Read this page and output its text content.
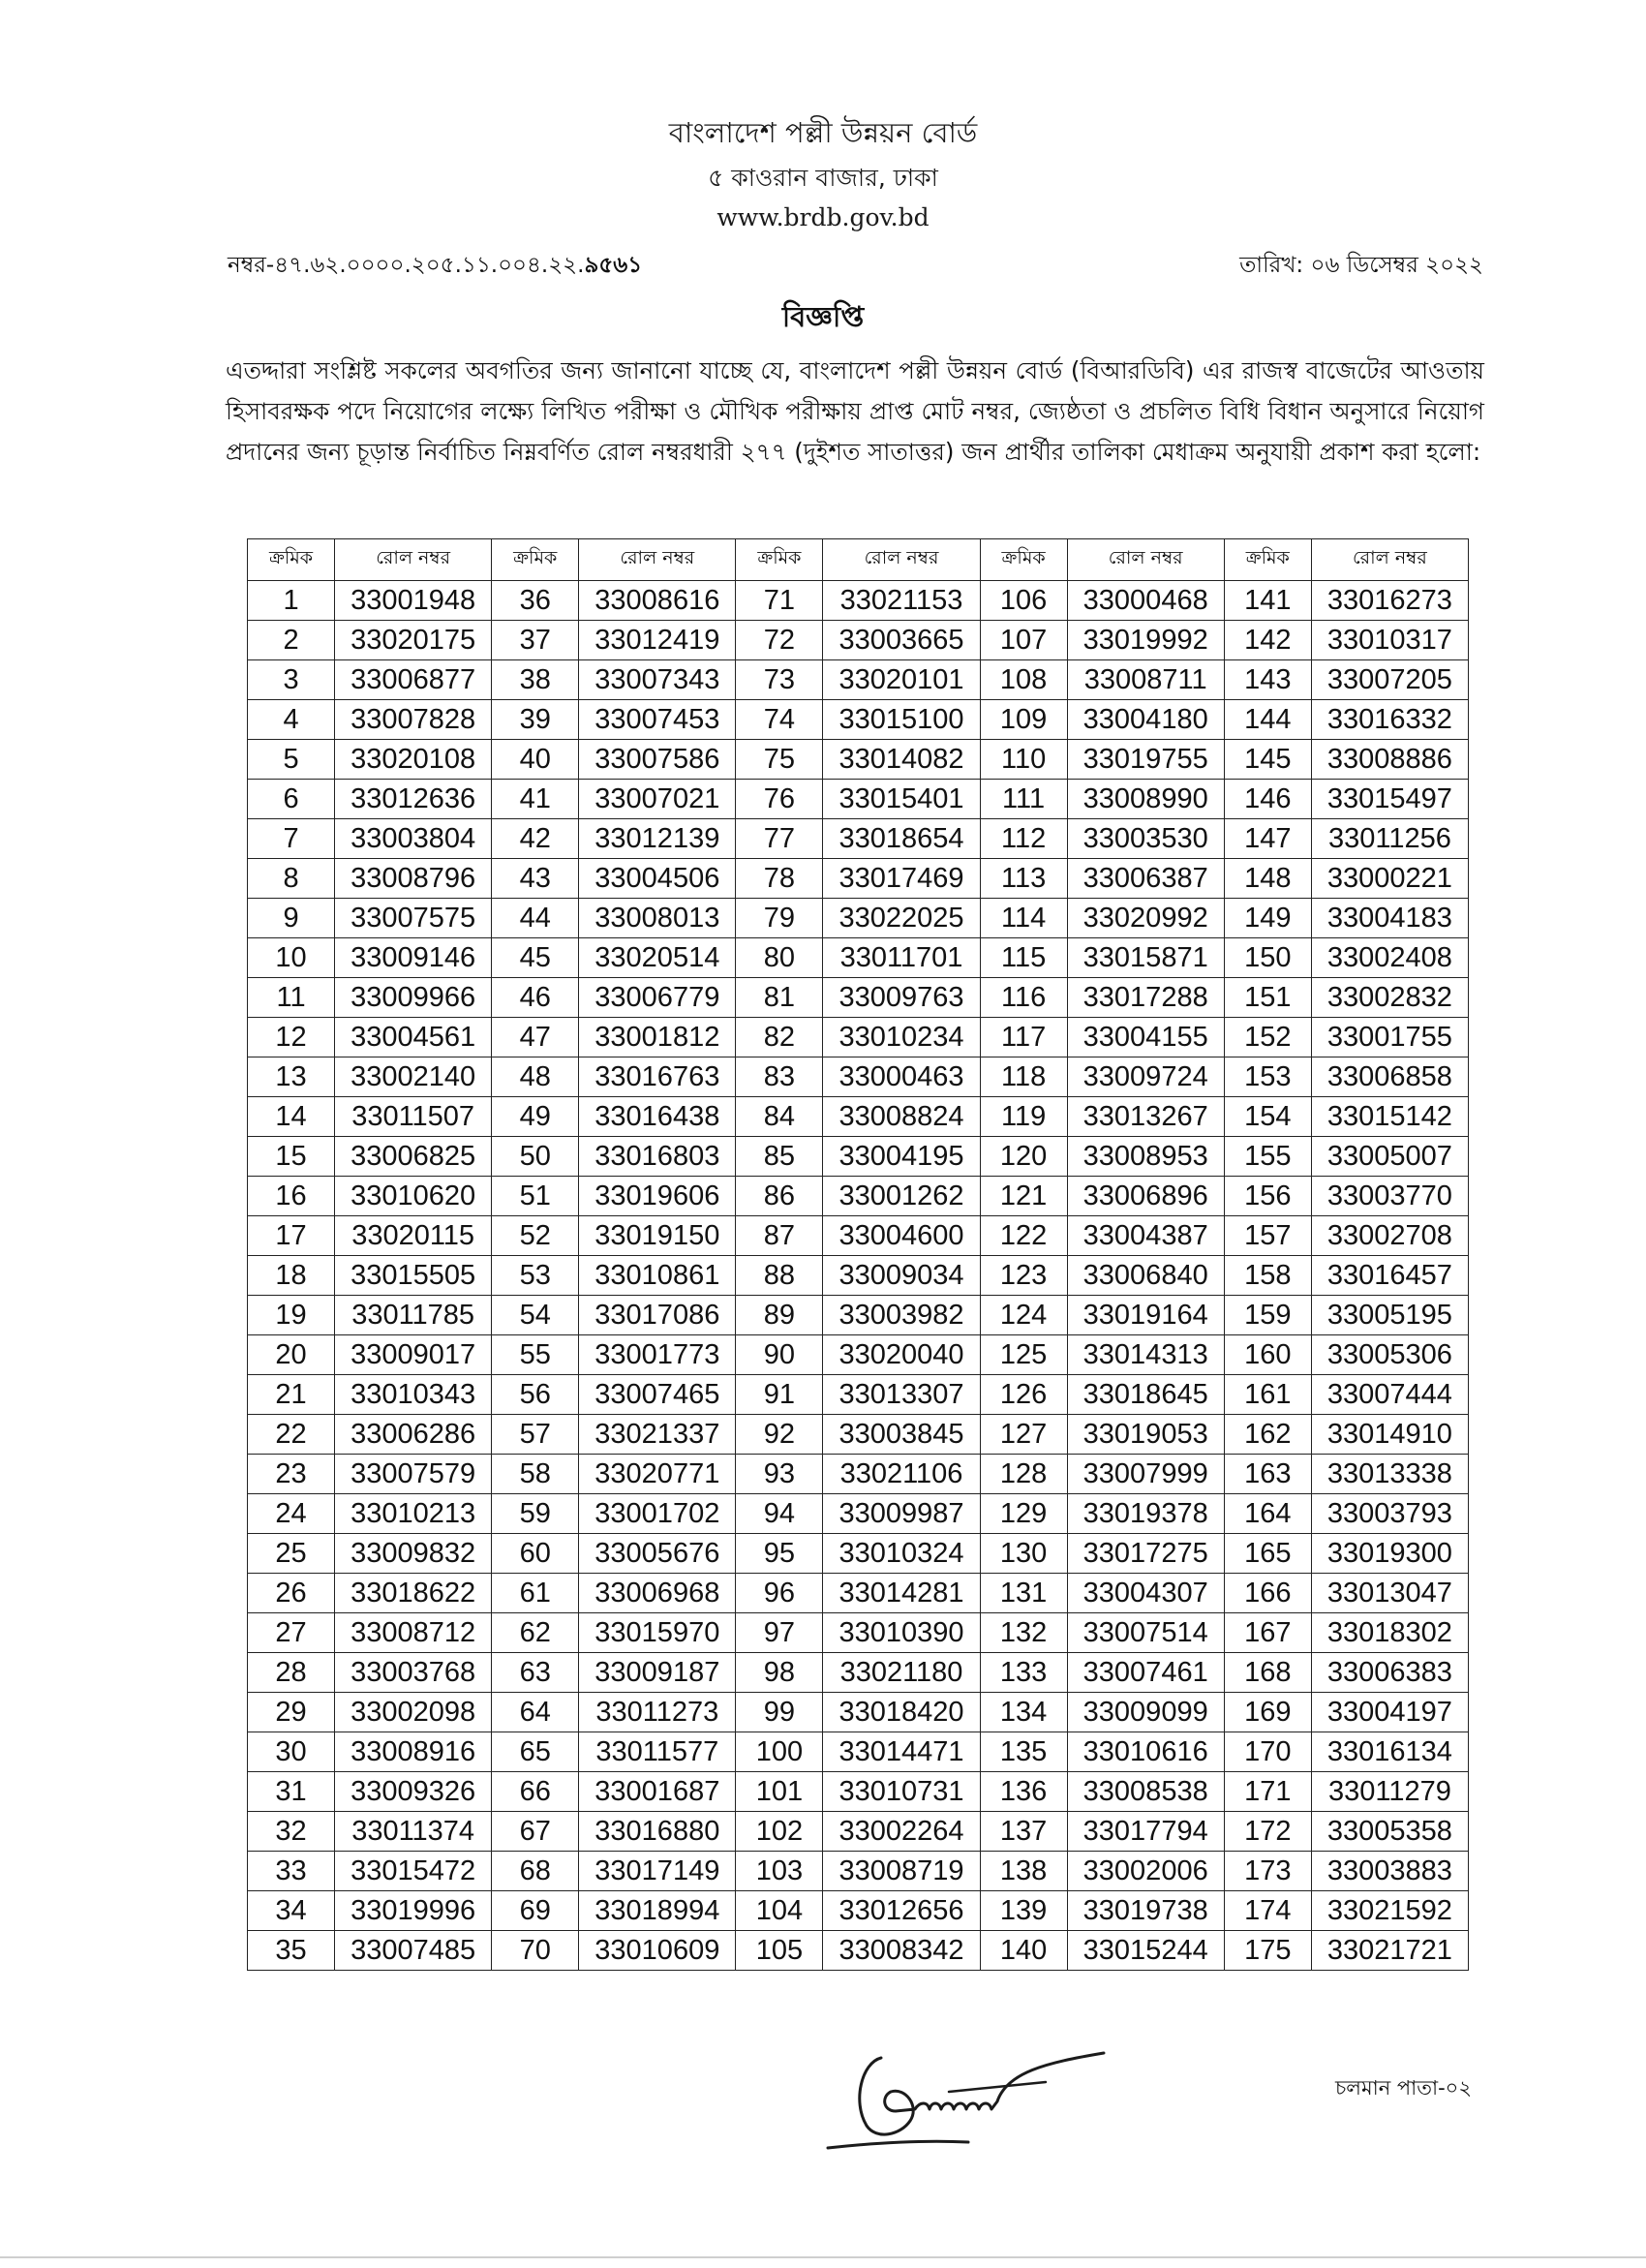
বাংলাদেশ পল্লী উন্নয়ন বোর্ড
৫ কাওরান বাজার, ঢাকা
www.brdb.gov.bd
নম্বর-৪৭.৬২.০০০০.২০৫.১১.০০৪.২২.৯৫৬১	তারিখ: ০৬ ডিসেম্বর ২০২২
বিজ্ঞপ্তি
এতদ্দারা সংশ্লিষ্ট সকলের অবগতির জন্য জানানো যাচ্ছে যে, বাংলাদেশ পল্লী উন্নয়ন বোর্ড (বিআরডিবি) এর রাজস্ব বাজেটের আওতায় হিসাবরক্ষক পদে নিয়োগের লক্ষ্যে লিখিত পরীক্ষা ও মৌখিক পরীক্ষায় প্রাপ্ত মোট নম্বর, জ্যেষ্ঠতা ও প্রচলিত বিধি বিধান অনুসারে নিয়োগ প্রদানের জন্য চূড়ান্ত নির্বাচিত নিম্নবর্ণিত রোল নম্বরধারী ২৭৭ (দুইশত সাতাত্তর) জন প্রার্থীর তালিকা মেধাক্রম অনুযায়ী প্রকাশ করা হলো:
ক্রমিক	রোল নম্বর	ক্রমিক	রোল নম্বর	ক্রমিক	রোল নম্বর	ক্রমিক	রোল নম্বর	ক্রমিক	রোল নম্বর
1	33001948	36	33008616	71	33021153	106	33000468	141	33016273
2	33020175	37	33012419	72	33003665	107	33019992	142	33010317
3	33006877	38	33007343	73	33020101	108	33008711	143	33007205
4	33007828	39	33007453	74	33015100	109	33004180	144	33016332
5	33020108	40	33007586	75	33014082	110	33019755	145	33008886
6	33012636	41	33007021	76	33015401	111	33008990	146	33015497
7	33003804	42	33012139	77	33018654	112	33003530	147	33011256
8	33008796	43	33004506	78	33017469	113	33006387	148	33000221
9	33007575	44	33008013	79	33022025	114	33020992	149	33004183
10	33009146	45	33020514	80	33011701	115	33015871	150	33002408
11	33009966	46	33006779	81	33009763	116	33017288	151	33002832
12	33004561	47	33001812	82	33010234	117	33004155	152	33001755
13	33002140	48	33016763	83	33000463	118	33009724	153	33006858
14	33011507	49	33016438	84	33008824	119	33013267	154	33015142
15	33006825	50	33016803	85	33004195	120	33008953	155	33005007
16	33010620	51	33019606	86	33001262	121	33006896	156	33003770
17	33020115	52	33019150	87	33004600	122	33004387	157	33002708
18	33015505	53	33010861	88	33009034	123	33006840	158	33016457
19	33011785	54	33017086	89	33003982	124	33019164	159	33005195
20	33009017	55	33001773	90	33020040	125	33014313	160	33005306
21	33010343	56	33007465	91	33013307	126	33018645	161	33007444
22	33006286	57	33021337	92	33003845	127	33019053	162	33014910
23	33007579	58	33020771	93	33021106	128	33007999	163	33013338
24	33010213	59	33001702	94	33009987	129	33019378	164	33003793
25	33009832	60	33005676	95	33010324	130	33017275	165	33019300
26	33018622	61	33006968	96	33014281	131	33004307	166	33013047
27	33008712	62	33015970	97	33010390	132	33007514	167	33018302
28	33003768	63	33009187	98	33021180	133	33007461	168	33006383
29	33002098	64	33011273	99	33018420	134	33009099	169	33004197
30	33008916	65	33011577	100	33014471	135	33010616	170	33016134
31	33009326	66	33001687	101	33010731	136	33008538	171	33011279
32	33011374	67	33016880	102	33002264	137	33017794	172	33005358
33	33015472	68	33017149	103	33008719	138	33002006	173	33003883
34	33019996	69	33018994	104	33012656	139	33019738	174	33021592
35	33007485	70	33010609	105	33008342	140	33015244	175	33021721
চলমান পাতা-০২
